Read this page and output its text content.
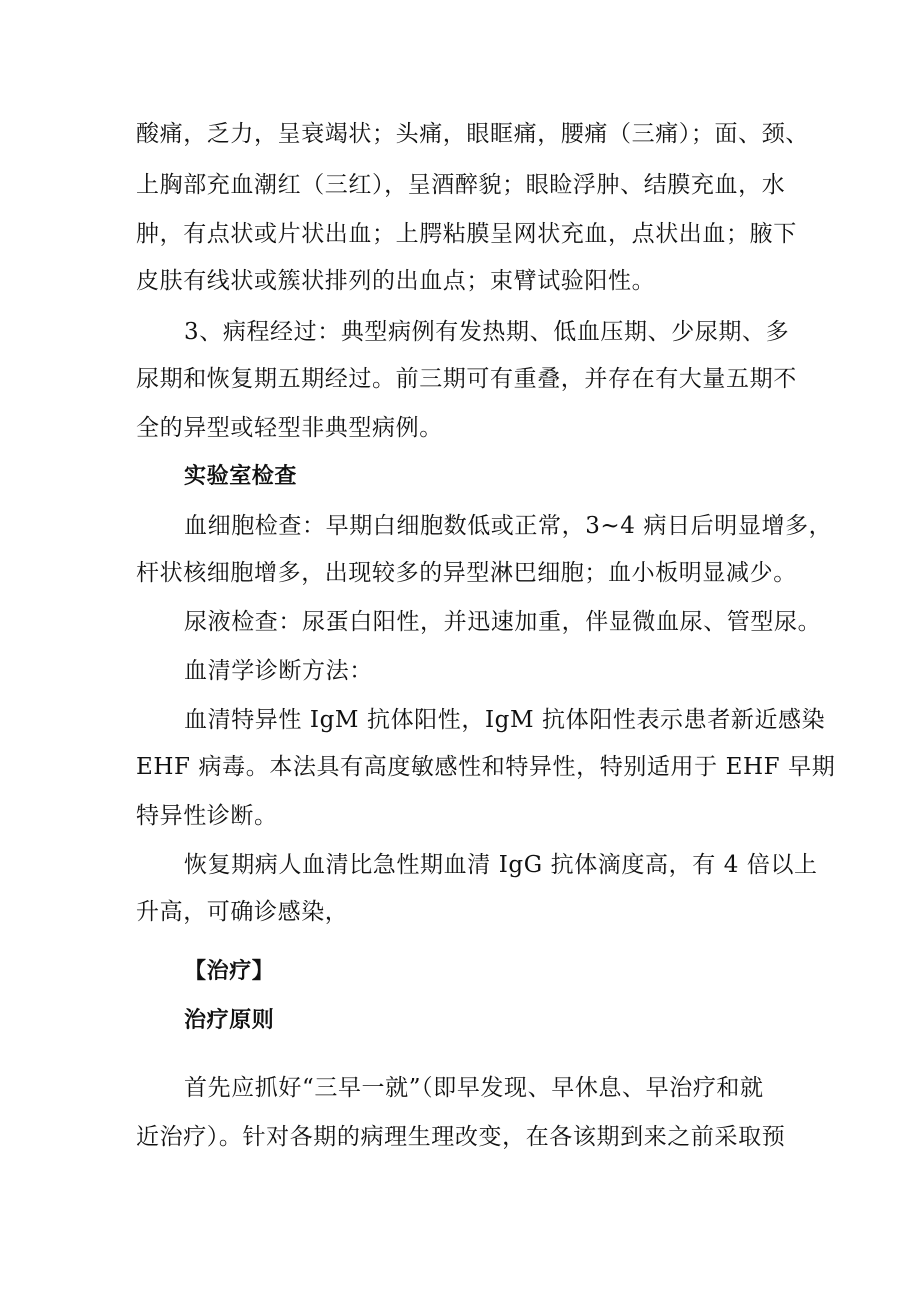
酸痛，乏力，呈衰竭状；头痛，眼眶痛，腰痛（三痛）；面、颈、

上胸部充血潮红（三红），呈酒醉貌；眼睑浮肿、结膜充血，水

肿，有点状或片状出血；上腭粘膜呈网状充血，点状出血；腋下

皮肤有线状或簇状排列的出血点；束臂试验阳性。

3、病程经过：典型病例有发热期、低血压期、少尿期、多

尿期和恢复期五期经过。前三期可有重叠，并存在有大量五期不

全的异型或轻型非典型病例。

实验室检查

血细胞检查：早期白细胞数低或正常，3~4 病日后明显增多，

杆状核细胞增多，出现较多的异型淋巴细胞；血小板明显减少。

尿液检查：尿蛋白阳性，并迅速加重，伴显微血尿、管型尿。

血清学诊断方法：

血清特异性 IgM 抗体阳性，IgM 抗体阳性表示患者新近感染

EHF 病毒。本法具有高度敏感性和特异性，特别适用于 EHF 早期

特异性诊断。

恢复期病人血清比急性期血清 IgG 抗体滴度高，有 4 倍以上

升高，可确诊感染，

【治疗】

治疗原则

首先应抓好“三早一就”（即早发现、早休息、早治疗和就

近治疗）。针对各期的病理生理改变，在各该期到来之前采取预
